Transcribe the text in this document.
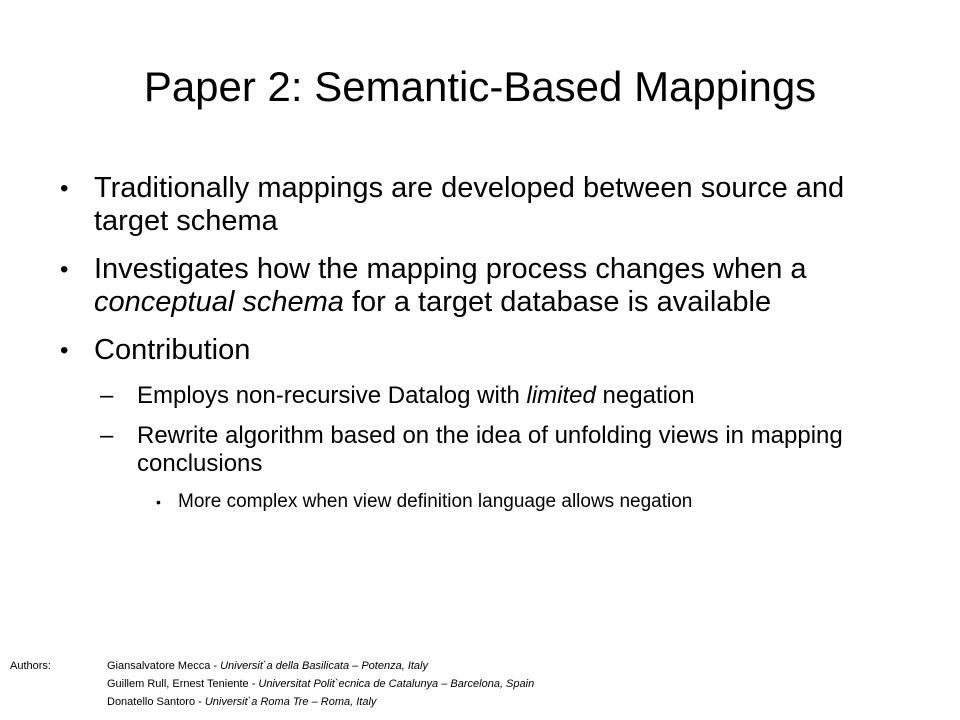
Paper 2: Semantic-Based Mappings
• Traditionally mappings are developed between source and target schema
• Investigates how the mapping process changes when a conceptual schema for a target database is available
• Contribution
– Employs non-recursive Datalog with limited negation
– Rewrite algorithm based on the idea of unfolding views in mapping conclusions
• More complex when view definition language allows negation
Authors:	Giansalvatore Mecca - Universit`a della Basilicata – Potenza, Italy
Guillem Rull, Ernest Teniente - Universitat Polit`ecnica de Catalunya – Barcelona, Spain
Donatello Santoro - Universit`a Roma Tre – Roma, Italy
